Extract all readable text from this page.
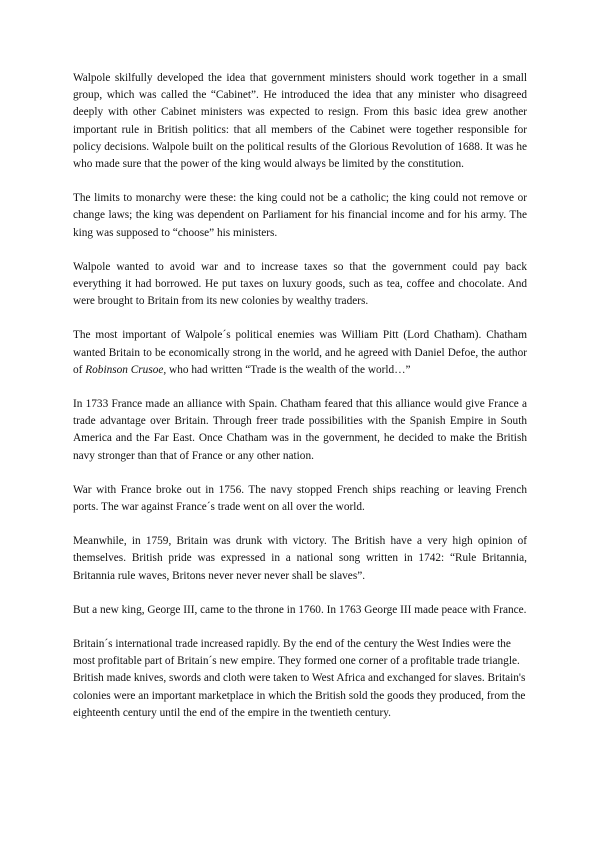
Walpole skilfully developed the idea that government ministers should work together in a small group, which was called the “Cabinet”. He introduced the idea that any minister who disagreed deeply with other Cabinet ministers was expected to resign. From this basic idea grew another important rule in British politics: that all members of the Cabinet were together responsible for policy decisions. Walpole built on the political results of the Glorious Revolution of 1688. It was he who made sure that the power of the king would always be limited by the constitution.

The limits to monarchy were these: the king could not be a catholic; the king could not remove or change laws; the king was dependent on Parliament for his financial income and for his army. The king was supposed to “choose” his ministers.

Walpole wanted to avoid war and to increase taxes so that the government could pay back everything it had borrowed. He put taxes on luxury goods, such as tea, coffee and chocolate. And were brought to Britain from its new colonies by wealthy traders.

The most important of Walpole´s political enemies was William Pitt (Lord Chatham). Chatham wanted Britain to be economically strong in the world, and he agreed with Daniel Defoe, the author of Robinson Crusoe, who had written “Trade is the wealth of the world…”

In 1733 France made an alliance with Spain. Chatham feared that this alliance would give France a trade advantage over Britain. Through freer trade possibilities with the Spanish Empire in South America and the Far East. Once Chatham was in the government, he decided to make the British navy stronger than that of France or any other nation.

War with France broke out in 1756. The navy stopped French ships reaching or leaving French ports. The war against France´s trade went on all over the world.

Meanwhile, in 1759, Britain was drunk with victory. The British have a very high opinion of themselves. British pride was expressed in a national song written in 1742: “Rule Britannia, Britannia rule waves, Britons never never never shall be slaves”.

But a new king, George III, came to the throne in 1760. In 1763 George III made peace with France.

Britain´s international trade increased rapidly. By the end of the century the West Indies were the most profitable part of Britain´s new empire. They formed one corner of a profitable trade triangle. British made knives, swords and cloth were taken to West Africa and exchanged for slaves. Britain's colonies were an important marketplace in which the British sold the goods they produced, from the eighteenth century until the end of the empire in the twentieth century.
